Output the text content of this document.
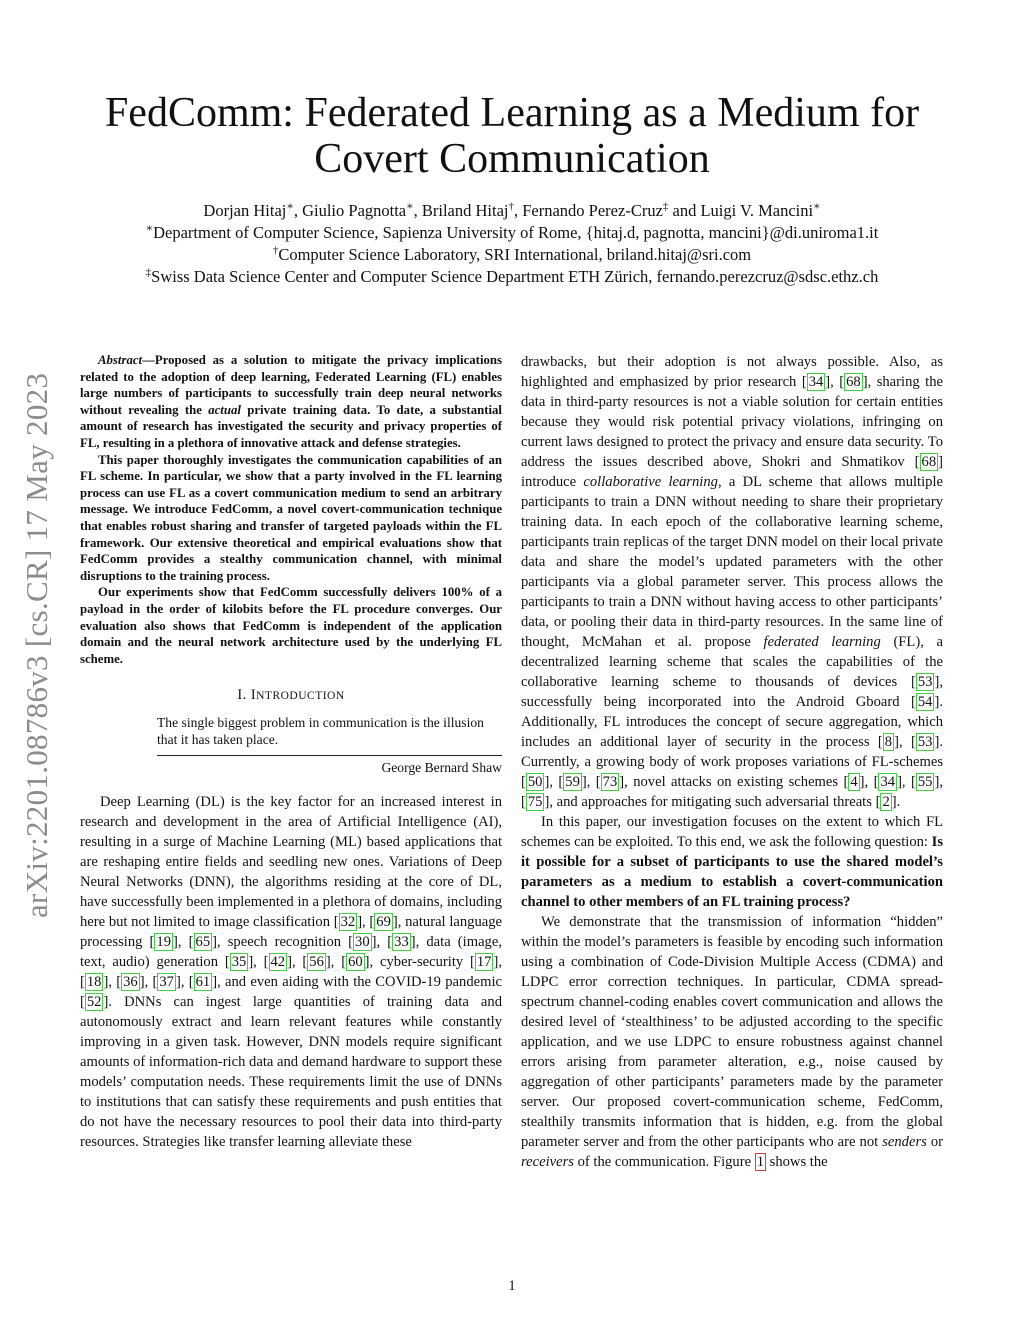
arXiv:2201.08786v3 [cs.CR] 17 May 2023
FedComm: Federated Learning as a Medium for
Covert Communication
Dorjan Hitaj∗, Giulio Pagnotta∗, Briland Hitaj†, Fernando Perez-Cruz‡ and Luigi V. Mancini∗
∗Department of Computer Science, Sapienza University of Rome, {hitaj.d, pagnotta, mancini}@di.uniroma1.it
†Computer Science Laboratory, SRI International, briland.hitaj@sri.com
‡Swiss Data Science Center and Computer Science Department ETH Zürich, fernando.perezcruz@sdsc.ethz.ch

Abstract—Proposed as a solution to mitigate the privacy implications related to the adoption of deep learning, Federated Learning (FL) enables large numbers of participants to successfully train deep neural networks without revealing the actual private training data. To date, a substantial amount of research has investigated the security and privacy properties of FL, resulting in a plethora of innovative attack and defense strategies.

This paper thoroughly investigates the communication capabilities of an FL scheme. In particular, we show that a party involved in the FL learning process can use FL as a covert communication medium to send an arbitrary message. We introduce FedComm, a novel covert-communication technique that enables robust sharing and transfer of targeted payloads within the FL framework. Our extensive theoretical and empirical evaluations show that FedComm provides a stealthy communication channel, with minimal disruptions to the training process.

Our experiments show that FedComm successfully delivers 100% of a payload in the order of kilobits before the FL procedure converges. Our evaluation also shows that FedComm is independent of the application domain and the neural network architecture used by the underlying FL scheme.

I. INTRODUCTION
The single biggest problem in communication is the illusion that it has taken place.
George Bernard Shaw

Deep Learning (DL) is the key factor for an increased interest in research and development in the area of Artificial Intelligence (AI), resulting in a surge of Machine Learning (ML) based applications that are reshaping entire fields and seedling new ones. Variations of Deep Neural Networks (DNN), the algorithms residing at the core of DL, have successfully been implemented in a plethora of domains, including here but not limited to image classification [ 32 ], [ 69 ], natural language processing [ 19 ], [ 65 ], speech recognition [ 30 ], [ 33 ], data (image, text, audio) generation [ 35 ], [ 42 ], [ 56 ], [ 60 ], cyber-security [ 17 ], [ 18 ], [ 36 ], [ 37 ], [ 61 ], and even aiding with the COVID-19 pandemic [ 52 ]. DNNs can ingest large quantities of training data and autonomously extract and learn relevant features while constantly improving in a given task. However, DNN models require significant amounts of information-rich data and demand hardware to support these models’ computation needs. These requirements limit the use of DNNs to institutions that can satisfy these requirements and push entities that do not have the necessary resources to pool their data into third-party resources. Strategies like transfer learning alleviate these

drawbacks, but their adoption is not always possible. Also, as highlighted and emphasized by prior research [ 34 ], [ 68 ], sharing the data in third-party resources is not a viable solution for certain entities because they would risk potential privacy violations, infringing on current laws designed to protect the privacy and ensure data security. To address the issues described above, Shokri and Shmatikov [ 68 ] introduce collaborative learning, a DL scheme that allows multiple participants to train a DNN without needing to share their proprietary training data. In each epoch of the collaborative learning scheme, participants train replicas of the target DNN model on their local private data and share the model’s updated parameters with the other participants via a global parameter server. This process allows the participants to train a DNN without having access to other participants’ data, or pooling their data in third-party resources. In the same line of thought, McMahan et al. propose federated learning (FL), a decentralized learning scheme that scales the capabilities of the collaborative learning scheme to thousands of devices [ 53 ], successfully being incorporated into the Android Gboard [ 54 ]. Additionally, FL introduces the concept of secure aggregation, which includes an additional layer of security in the process [ 8 ], [ 53 ]. Currently, a growing body of work proposes variations of FL-schemes [ 50 ], [ 59 ], [ 73 ], novel attacks on existing schemes [ 4 ], [ 34 ], [ 55 ], [ 75 ], and approaches for mitigating such adversarial threats [ 2 ].

In this paper, our investigation focuses on the extent to which FL schemes can be exploited. To this end, we ask the following question: Is it possible for a subset of participants to use the shared model’s parameters as a medium to establish a covert-communication channel to other members of an FL training process?

We demonstrate that the transmission of information “hidden” within the model’s parameters is feasible by encoding such information using a combination of Code-Division Multiple Access (CDMA) and LDPC error correction techniques. In particular, CDMA spread-spectrum channel-coding enables covert communication and allows the desired level of ‘stealthiness’ to be adjusted according to the specific application, and we use LDPC to ensure robustness against channel errors arising from parameter alteration, e.g., noise caused by aggregation of other participants’ parameters made by the parameter server. Our proposed covert-communication scheme, FedComm, stealthily transmits information that is hidden, e.g. from the global parameter server and from the other participants who are not senders or receivers of the communication. Figure 1 shows the

1
